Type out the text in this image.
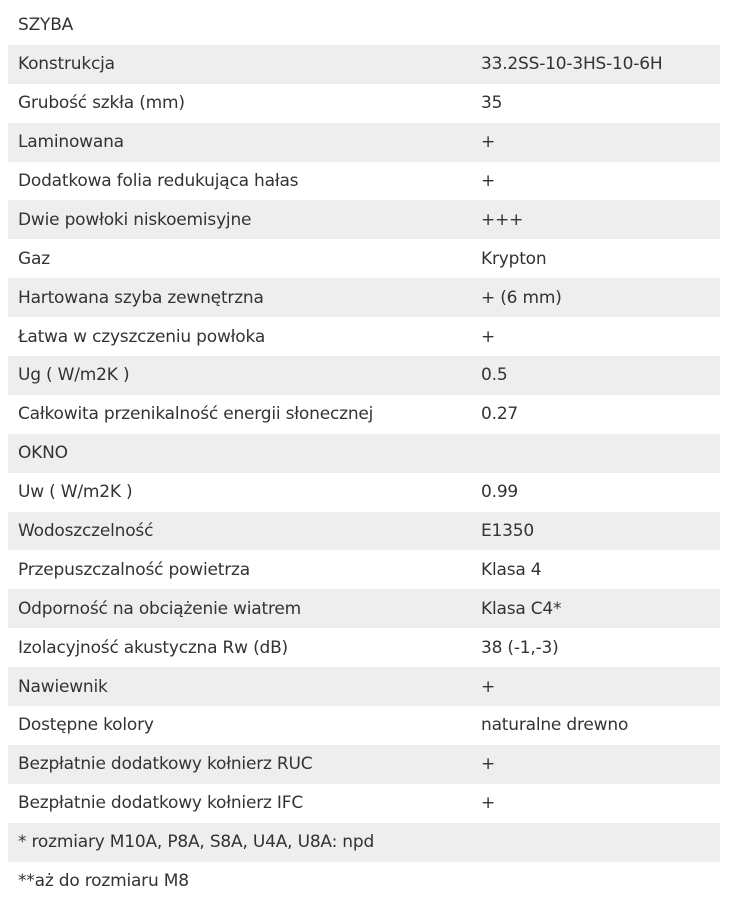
SZYBA
Konstrukcja	33.2SS-10-3HS-10-6H
Grubość szkła (mm)	35
Laminowana	+
Dodatkowa folia redukująca hałas	+
Dwie powłoki niskoemisyjne	+++
Gaz	Krypton
Hartowana szyba zewnętrzna	+ (6 mm)
Łatwa w czyszczeniu powłoka	+
Ug ( W/m2K )	0.5
Całkowita przenikalność energii słonecznej	0.27
OKNO
Uw ( W/m2K )	0.99
Wodoszczelność	E1350
Przepuszczalność powietrza	Klasa 4
Odporność na obciążenie wiatrem	Klasa C4*
Izolacyjność akustyczna Rw (dB)	38 (-1,-3)
Nawiewnik	+
Dostępne kolory	naturalne drewno
Bezpłatnie dodatkowy kołnierz RUC	+
Bezpłatnie dodatkowy kołnierz IFC	+
* rozmiary M10A, P8A, S8A, U4A, U8A: npd
**aż do rozmiaru M8
